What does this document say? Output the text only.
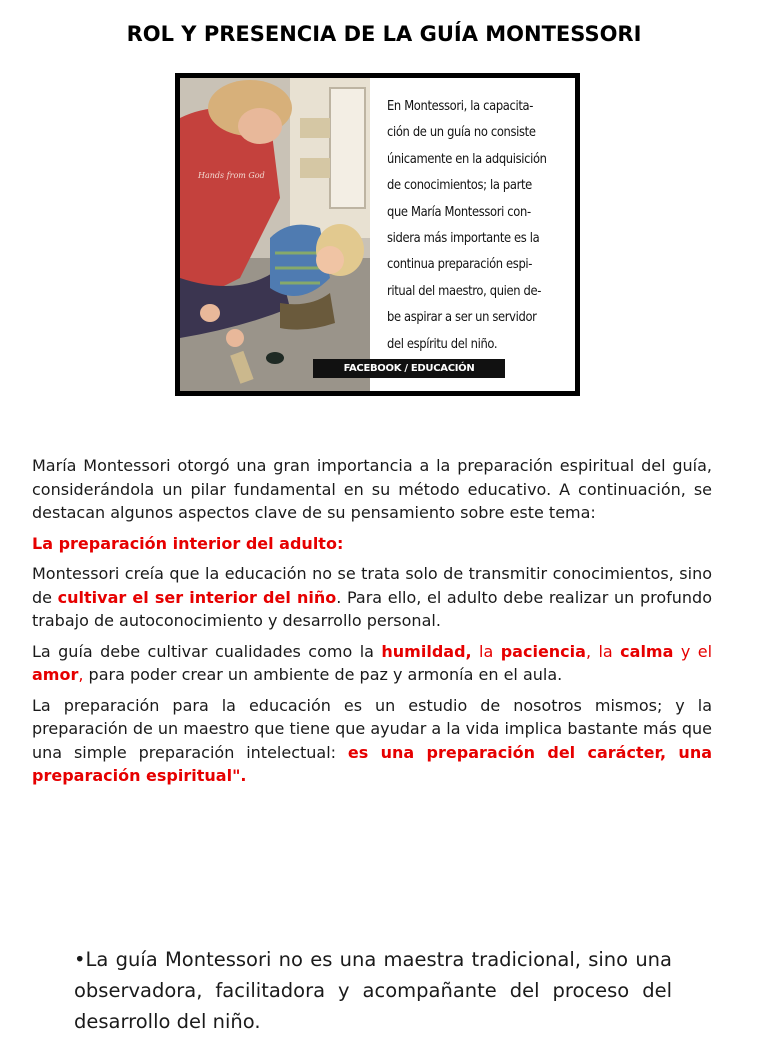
ROL Y PRESENCIA DE LA GUÍA MONTESSORI
Hands from God
En Montessori, la capacita-
ción de un guía no consiste
únicamente en la adquisición
de conocimientos; la parte
que María Montessori con-
sidera más importante es la
continua preparación espi-
ritual del maestro, quien de-
be aspirar a ser un servidor
del espíritu del niño.
FACEBOOK / EDUCACIÓN MONTESSORI

María Montessori otorgó una gran importancia a la preparación espiritual del guía, considerándola un pilar fundamental en su método educativo. A continuación, se destacan algunos aspectos clave de su pensamiento sobre este tema:

La preparación interior del adulto:

Montessori creía que la educación no se trata solo de transmitir conocimientos, sino de cultivar el ser interior del niño. Para ello, el adulto debe realizar un profundo trabajo de autoconocimiento y desarrollo personal.

La guía debe cultivar cualidades como la humildad, la paciencia, la calma y el amor, para poder crear un ambiente de paz y armonía en el aula.

La preparación para la educación es un estudio de nosotros mismos; y la preparación de un maestro que tiene que ayudar a la vida implica bastante más que una simple preparación intelectual: es una preparación del carácter, una preparación espiritual".

•La guía Montessori no es una maestra tradicional, sino una observadora, facilitadora y acompañante del proceso del desarrollo del niño.
